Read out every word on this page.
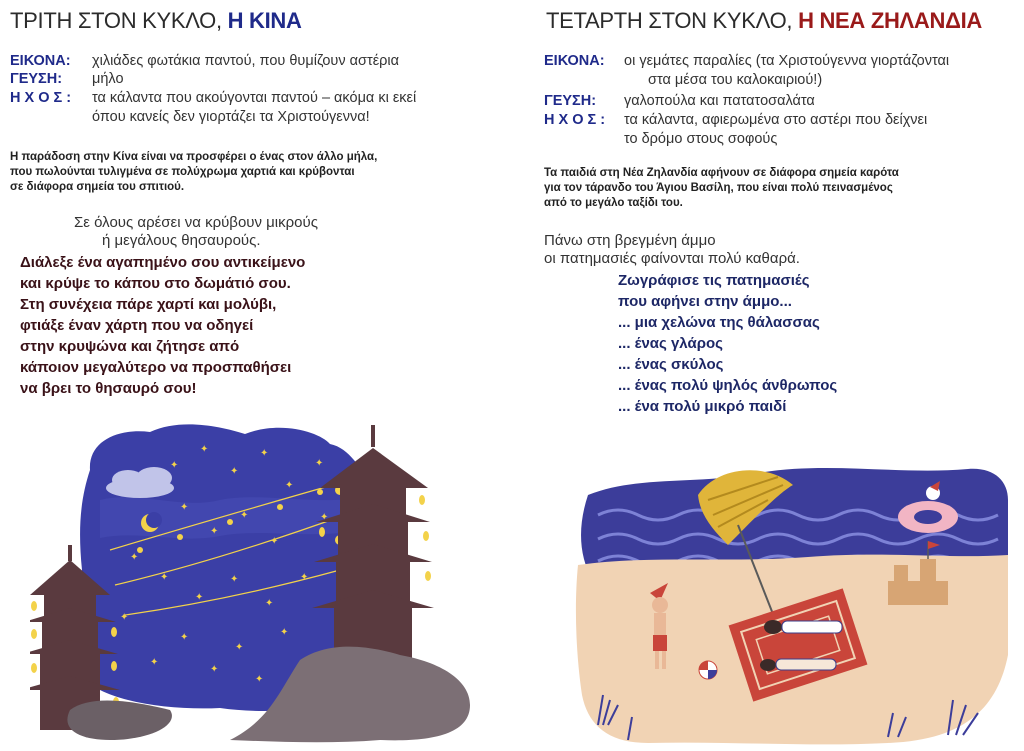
ΤΡΙΤΗ ΣΤΟΝ ΚΥΚΛΟ, Η ΚΙΝΑ
ΕΙΚΟΝΑ: χιλιάδες φωτάκια παντού, που θυμίζουν αστέρια
ΓΕΥΣΗ: μήλο
Η Χ Ο Σ : τα κάλαντα που ακούγονται παντού – ακόμα κι εκεί
όπου κανείς δεν γιορτάζει τα Χριστούγεννα!
Η παράδοση στην Κίνα είναι να προσφέρει ο ένας στον άλλο μήλα,
που πωλούνται τυλιγμένα σε πολύχρωμα χαρτιά και κρύβονται
σε διάφορα σημεία του σπιτιού.
Σε όλους αρέσει να κρύβουν μικρούς
ή μεγάλους θησαυρούς.
Διάλεξε ένα αγαπημένο σου αντικείμενο
και κρύψε το κάπου στο δωμάτιό σου.
Στη συνέχεια πάρε χαρτί και μολύβι,
φτιάξε έναν χάρτη που να οδηγεί
στην κρυψώνα και ζήτησε από
κάποιον μεγαλύτερο να προσπαθήσει
να βρει το θησαυρό σου!
✦
✦
✦
✦
✦
✦
✦
✦
✦
✦
✦
✦
✦
✦
✦
✦
✦
✦
✦
✦
✦
✦
✦
✦
ΤΕΤΑΡΤΗ ΣΤΟΝ ΚΥΚΛΟ, Η ΝΕΑ ΖΗΛΑΝΔΙΑ
ΕΙΚΟΝΑ: οι γεμάτες παραλίες (τα Χριστούγεννα γιορτάζονται
στα μέσα του καλοκαιριού!)
ΓΕΥΣΗ: γαλοπούλα και πατατοσαλάτα
Η Χ Ο Σ : τα κάλαντα, αφιερωμένα στο αστέρι που δείχνει
το δρόμο στους σοφούς
Τα παιδιά στη Νέα Ζηλανδία αφήνουν σε διάφορα σημεία καρότα
για τον τάρανδο του Άγιου Βασίλη, που είναι πολύ πεινασμένος
από το μεγάλο ταξίδι του.
Πάνω στη βρεγμένη άμμο
οι πατημασιές φαίνονται πολύ καθαρά.
Ζωγράφισε τις πατημασιές
που αφήνει στην άμμο...
... μια χελώνα της θάλασσας
... ένας γλάρος
... ένας σκύλος
... ένας πολύ ψηλός άνθρωπος
... ένα πολύ μικρό παιδί
